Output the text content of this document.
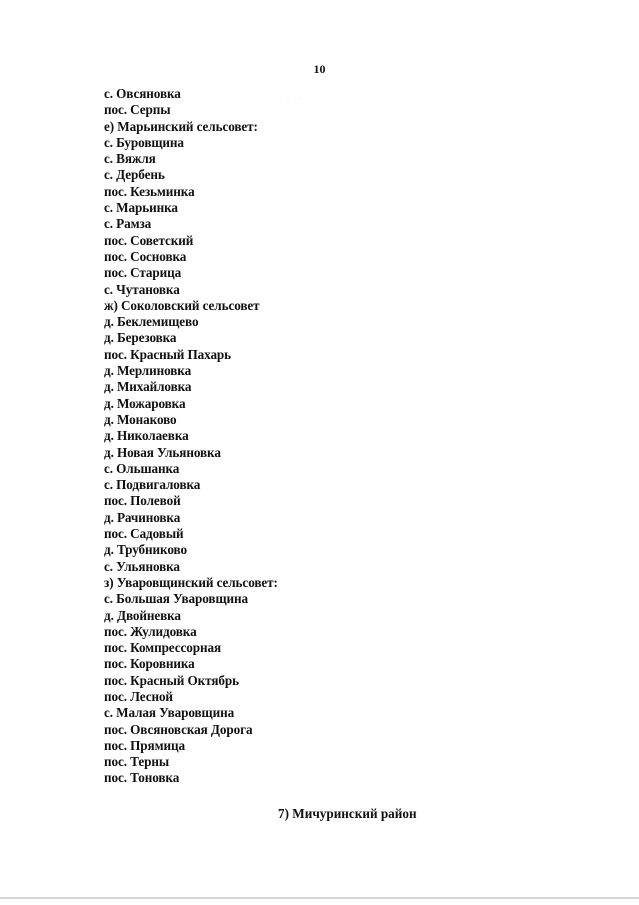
10
· ·
с. Овсяновка
пос. Серпы
е) Марьинский сельсовет:
с. Буровщина
с. Вяжля
с. Дербень
пос. Кезьминка
с. Марьинка
с. Рамза
пос. Советский
пос. Сосновка
пос. Старица
с. Чутановка
ж) Соколовский сельсовет
д. Беклемищево
д. Березовка
пос. Красный Пахарь
д. Мерлиновка
д. Михайловка
д. Можаровка
д. Монаково
д. Николаевка
д. Новая Ульяновка
с. Ольшанка
с. Подвигаловка
пос. Полевой
д. Рачиновка
пос. Садовый
д. Трубниково
с. Ульяновка
з) Уваровщинский сельсовет:
с. Большая Уваровщина
д. Двойневка
пос. Жулидовка
пос. Компрессорная
пос. Коровника
пос. Красный Октябрь
пос. Лесной
с. Малая Уваровщина
пос. Овсяновская Дорога
пос. Прямица
пос. Терны
пос. Тоновка
7) Мичуринский район
